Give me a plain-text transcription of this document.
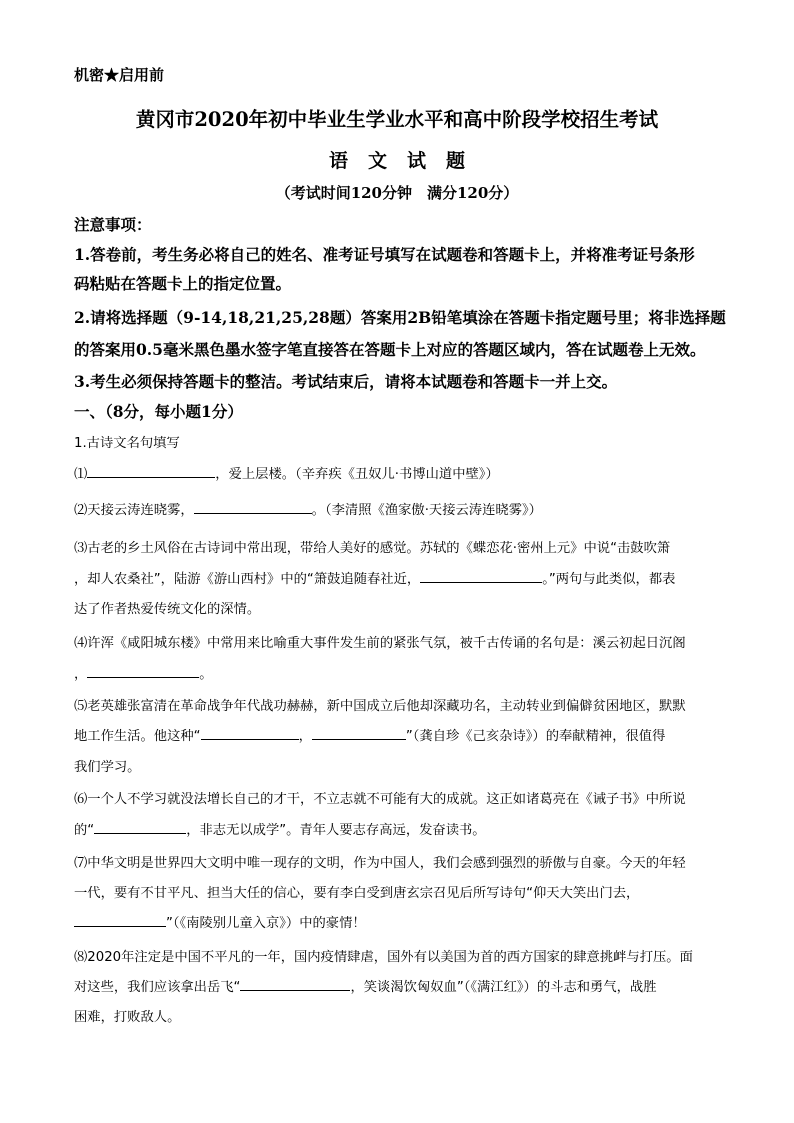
机密★启用前
黄冈市2020年初中毕业生学业水平和高中阶段学校招生考试
语 文 试 题
（考试时间120分钟　满分120分）
注意事项：
1.答卷前，考生务必将自己的姓名、准考证号填写在试题卷和答题卡上，并将准考证号条形
码粘贴在答题卡上的指定位置。
2.请将选择题（9-14,18,21,25,28题）答案用2B铅笔填涂在答题卡指定题号里；将非选择题
的答案用0.5毫米黑色墨水签字笔直接答在答题卡上对应的答题区域内，答在试题卷上无效。
3.考生必须保持答题卡的整洁。考试结束后，请将本试题卷和答题卡一并上交。
一、（8分，每小题1分）
1.古诗文名句填写
⑴	，爱上层楼。（辛弃疾《丑奴儿·书博山道中壁》）
⑵天接云涛连晓雾，	。（李清照《渔家傲·天接云涛连晓雾》）
⑶古老的乡土风俗在古诗词中常出现，带给人美好的感觉。苏轼的《蝶恋花·密州上元》中说“击鼓吹箫
，却人农桑社”，陆游《游山西村》中的“箫鼓追随春社近，	。”两句与此类似，都表
达了作者热爱传统文化的深情。
⑷许浑《咸阳城东楼》中常用来比喻重大事件发生前的紧张气氛，被千古传诵的名句是：溪云初起日沉阁
，	。
⑸老英雄张富清在革命战争年代战功赫赫，新中国成立后他却深藏功名，主动转业到偏僻贫困地区，默默
地工作生活。他这种“	，	”（龚自珍《己亥杂诗》）的奉献精神，很值得
我们学习。
⑹一个人不学习就没法增长自己的才干，不立志就不可能有大的成就。这正如诸葛亮在《诫子书》中所说
的“	，非志无以成学”。青年人要志存高远，发奋读书。
⑺中华文明是世界四大文明中唯一现存的文明，作为中国人，我们会感到强烈的骄傲与自豪。今天的年轻
一代，要有不甘平凡、担当大任的信心，要有李白受到唐玄宗召见后所写诗句“仰天大笑出门去，
”（《南陵别儿童入京》）中的豪情！
⑻2020年注定是中国不平凡的一年，国内疫情肆虐，国外有以美国为首的西方国家的肆意挑衅与打压。面
对这些，我们应该拿出岳飞“	，笑谈渴饮匈奴血”（《满江红》）的斗志和勇气，战胜
困难，打败敌人。
